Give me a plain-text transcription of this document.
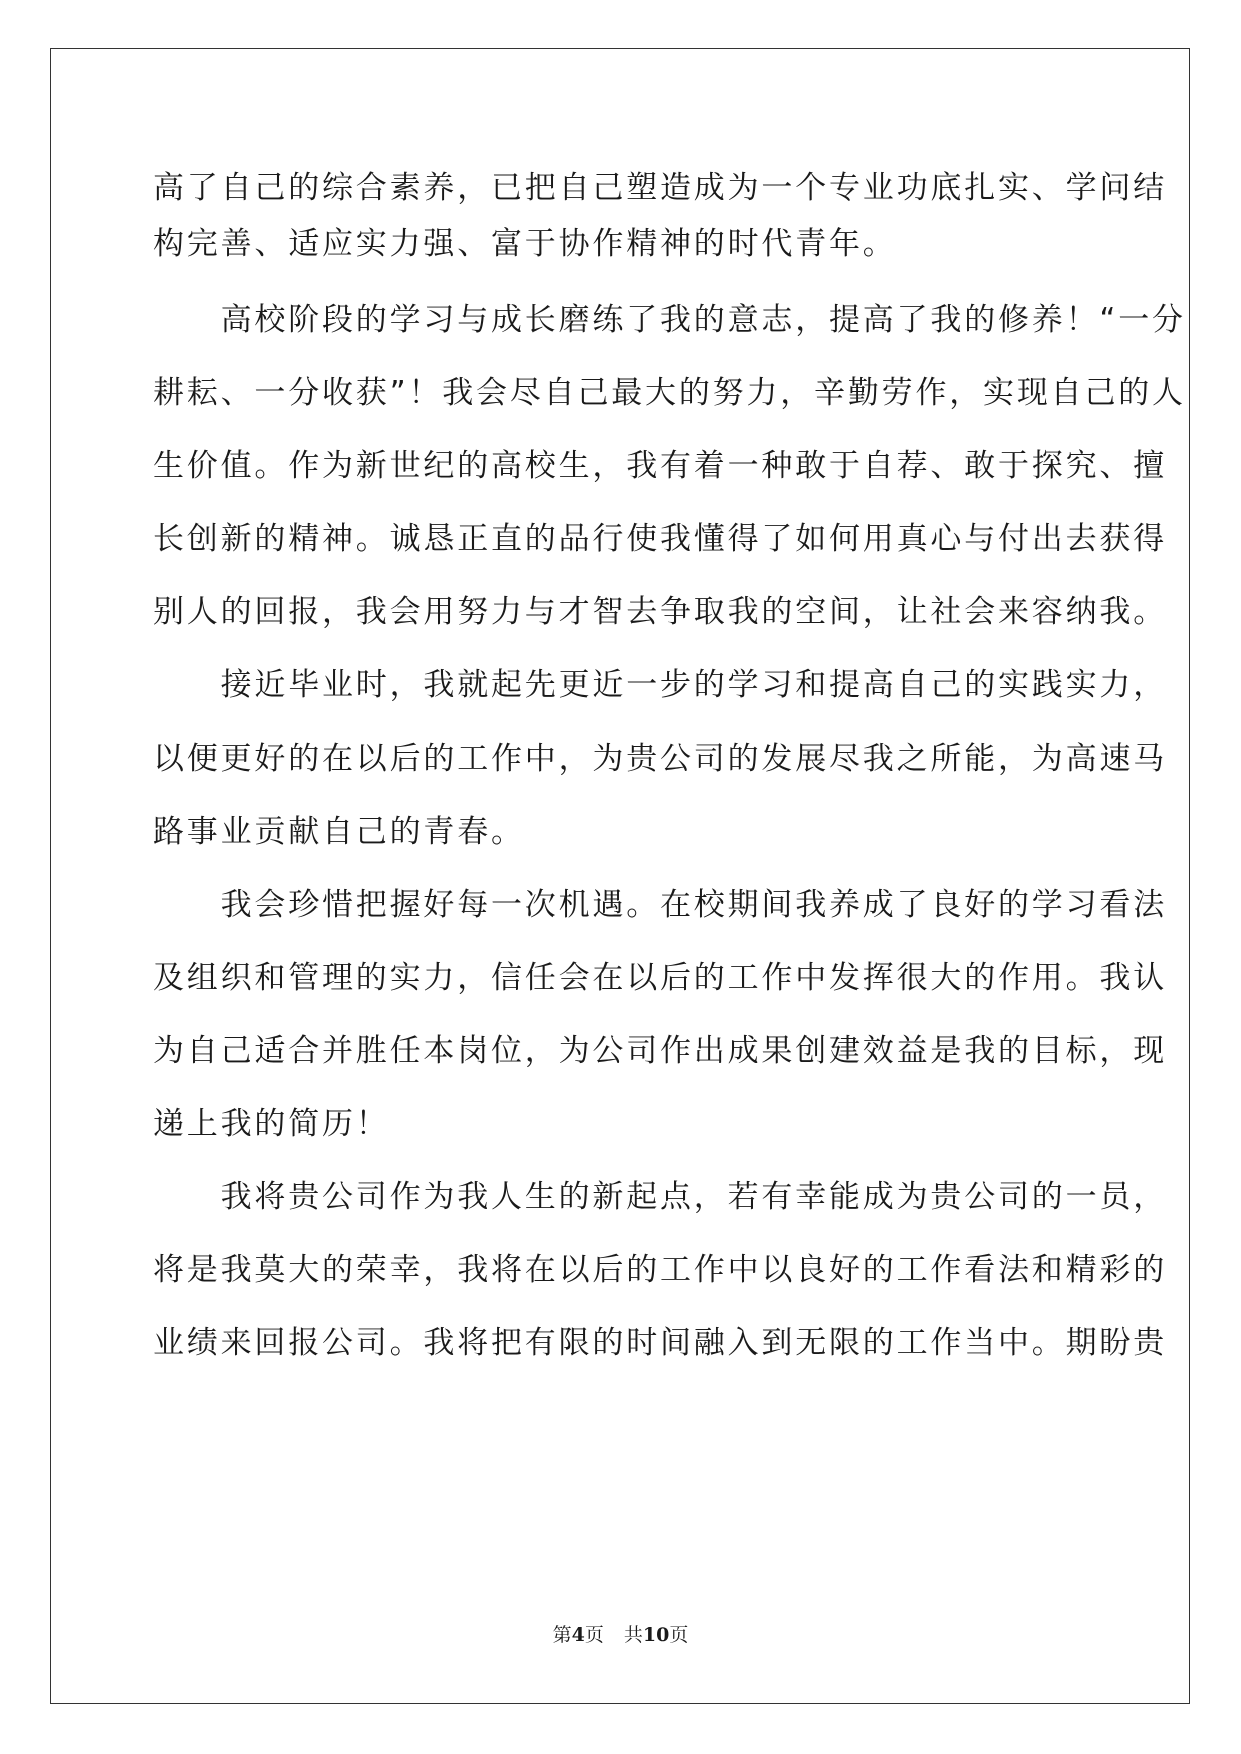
高了自己的综合素养，已把自己塑造成为一个专业功底扎实、学问结
构完善、适应实力强、富于协作精神的时代青年。
　　高校阶段的学习与成长磨练了我的意志，提高了我的修养！“一分
耕耘、一分收获”！我会尽自己最大的努力，辛勤劳作，实现自己的人
生价值。作为新世纪的高校生，我有着一种敢于自荐、敢于探究、擅
长创新的精神。诚恳正直的品行使我懂得了如何用真心与付出去获得
别人的回报，我会用努力与才智去争取我的空间，让社会来容纳我。
　　接近毕业时，我就起先更近一步的学习和提高自己的实践实力，
以便更好的在以后的工作中，为贵公司的发展尽我之所能，为高速马
路事业贡献自己的青春。
　　我会珍惜把握好每一次机遇。在校期间我养成了良好的学习看法
及组织和管理的实力，信任会在以后的工作中发挥很大的作用。我认
为自己适合并胜任本岗位，为公司作出成果创建效益是我的目标，现
递上我的简历！
　　我将贵公司作为我人生的新起点，若有幸能成为贵公司的一员，
将是我莫大的荣幸，我将在以后的工作中以良好的工作看法和精彩的
业绩来回报公司。我将把有限的时间融入到无限的工作当中。期盼贵
第4页 共10页
